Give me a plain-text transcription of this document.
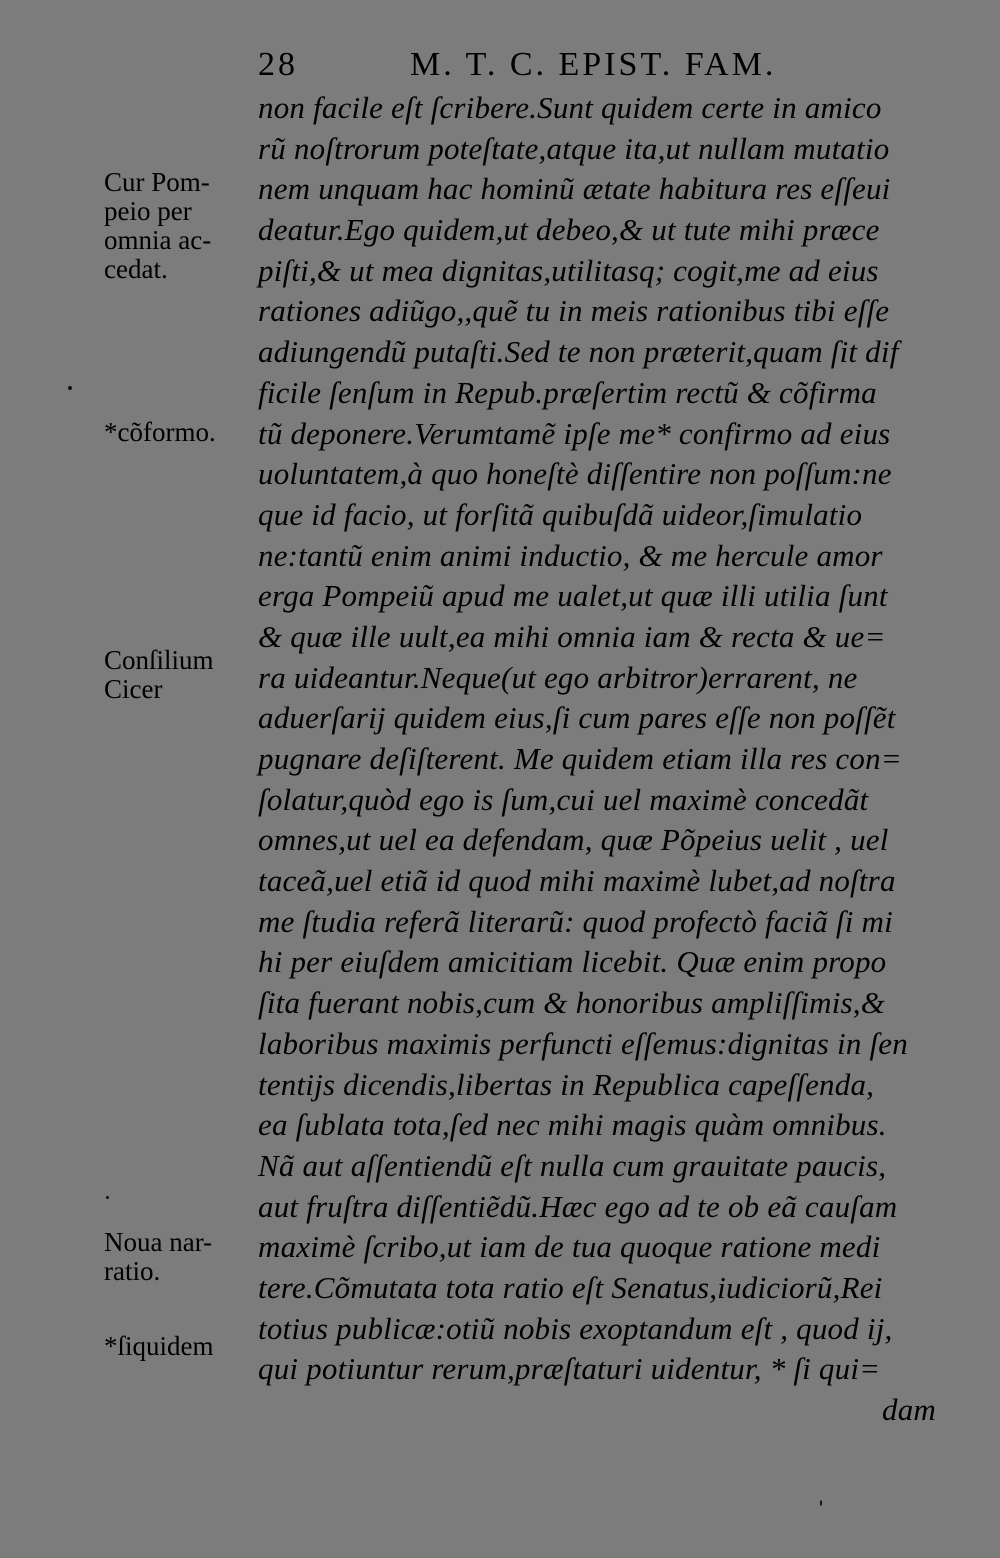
28	M. T. C. EPIST. FAM.
non facile eſt ſcribere.Sunt quidem certe in amico
rũ noſtrorum poteſtate,atque ita,ut nullam mutatio
nem unquam hac hominũ ætate habitura res eſſeui
deatur.Ego quidem,ut debeo,& ut tute mihi præce
piſti,& ut mea dignitas,utilitasq; cogit,me ad eius
rationes adiũgo,,quẽ tu in meis rationibus tibi eſſe
adiungendũ putaſti.Sed te non præterit,quam ſit dif
ficile ſenſum in Repub.præſertim rectũ & cõfirma
tũ deponere.Verumtamẽ ipſe me* confirmo ad eius
uoluntatem,à quo honeſtè diſſentire non poſſum:ne
que id facio, ut forſitã quibuſdã uideor,ſimulatio
ne:tantũ enim animi inductio, & me hercule amor
erga Pompeiũ apud me ualet,ut quæ illi utilia ſunt
& quæ ille uult,ea mihi omnia iam & recta & ue=
ra uideantur.Neque(ut ego arbitror)errarent, ne
aduerſarij quidem eius,ſi cum pares eſſe non poſſẽt
pugnare deſiſterent. Me quidem etiam illa res con=
ſolatur,quòd ego is ſum,cui uel maximè concedãt
omnes,ut uel ea defendam, quæ Põpeius uelit , uel
taceã,uel etiã id quod mihi maximè lubet,ad noſtra
me ſtudia referã literarũ: quod profectò faciã ſi mi
hi per eiuſdem amicitiam licebit. Quæ enim propo
ſita fuerant nobis,cum & honoribus ampliſſimis,&
laboribus maximis perfuncti eſſemus:dignitas in ſen
tentijs dicendis,libertas in Republica capeſſenda,
ea ſublata tota,ſed nec mihi magis quàm omnibus.
Nã aut aſſentiendũ eſt nulla cum grauitate paucis,
aut fruſtra diſſentiẽdũ.Hæc ego ad te ob eã cauſam
maximè ſcribo,ut iam de tua quoque ratione medi
tere.Cõmutata tota ratio eſt Senatus,iudiciorũ,Rei
totius publicæ:otiũ nobis exoptandum eſt , quod ij,
qui potiuntur rerum,præſtaturi uidentur, * ſi qui=
dam
Cur Pom-
peio per
omnia ac-
cedat.
*cõformo.
Conſilium
Cicer
Noua nar-
ratio.
*ſiquidem
